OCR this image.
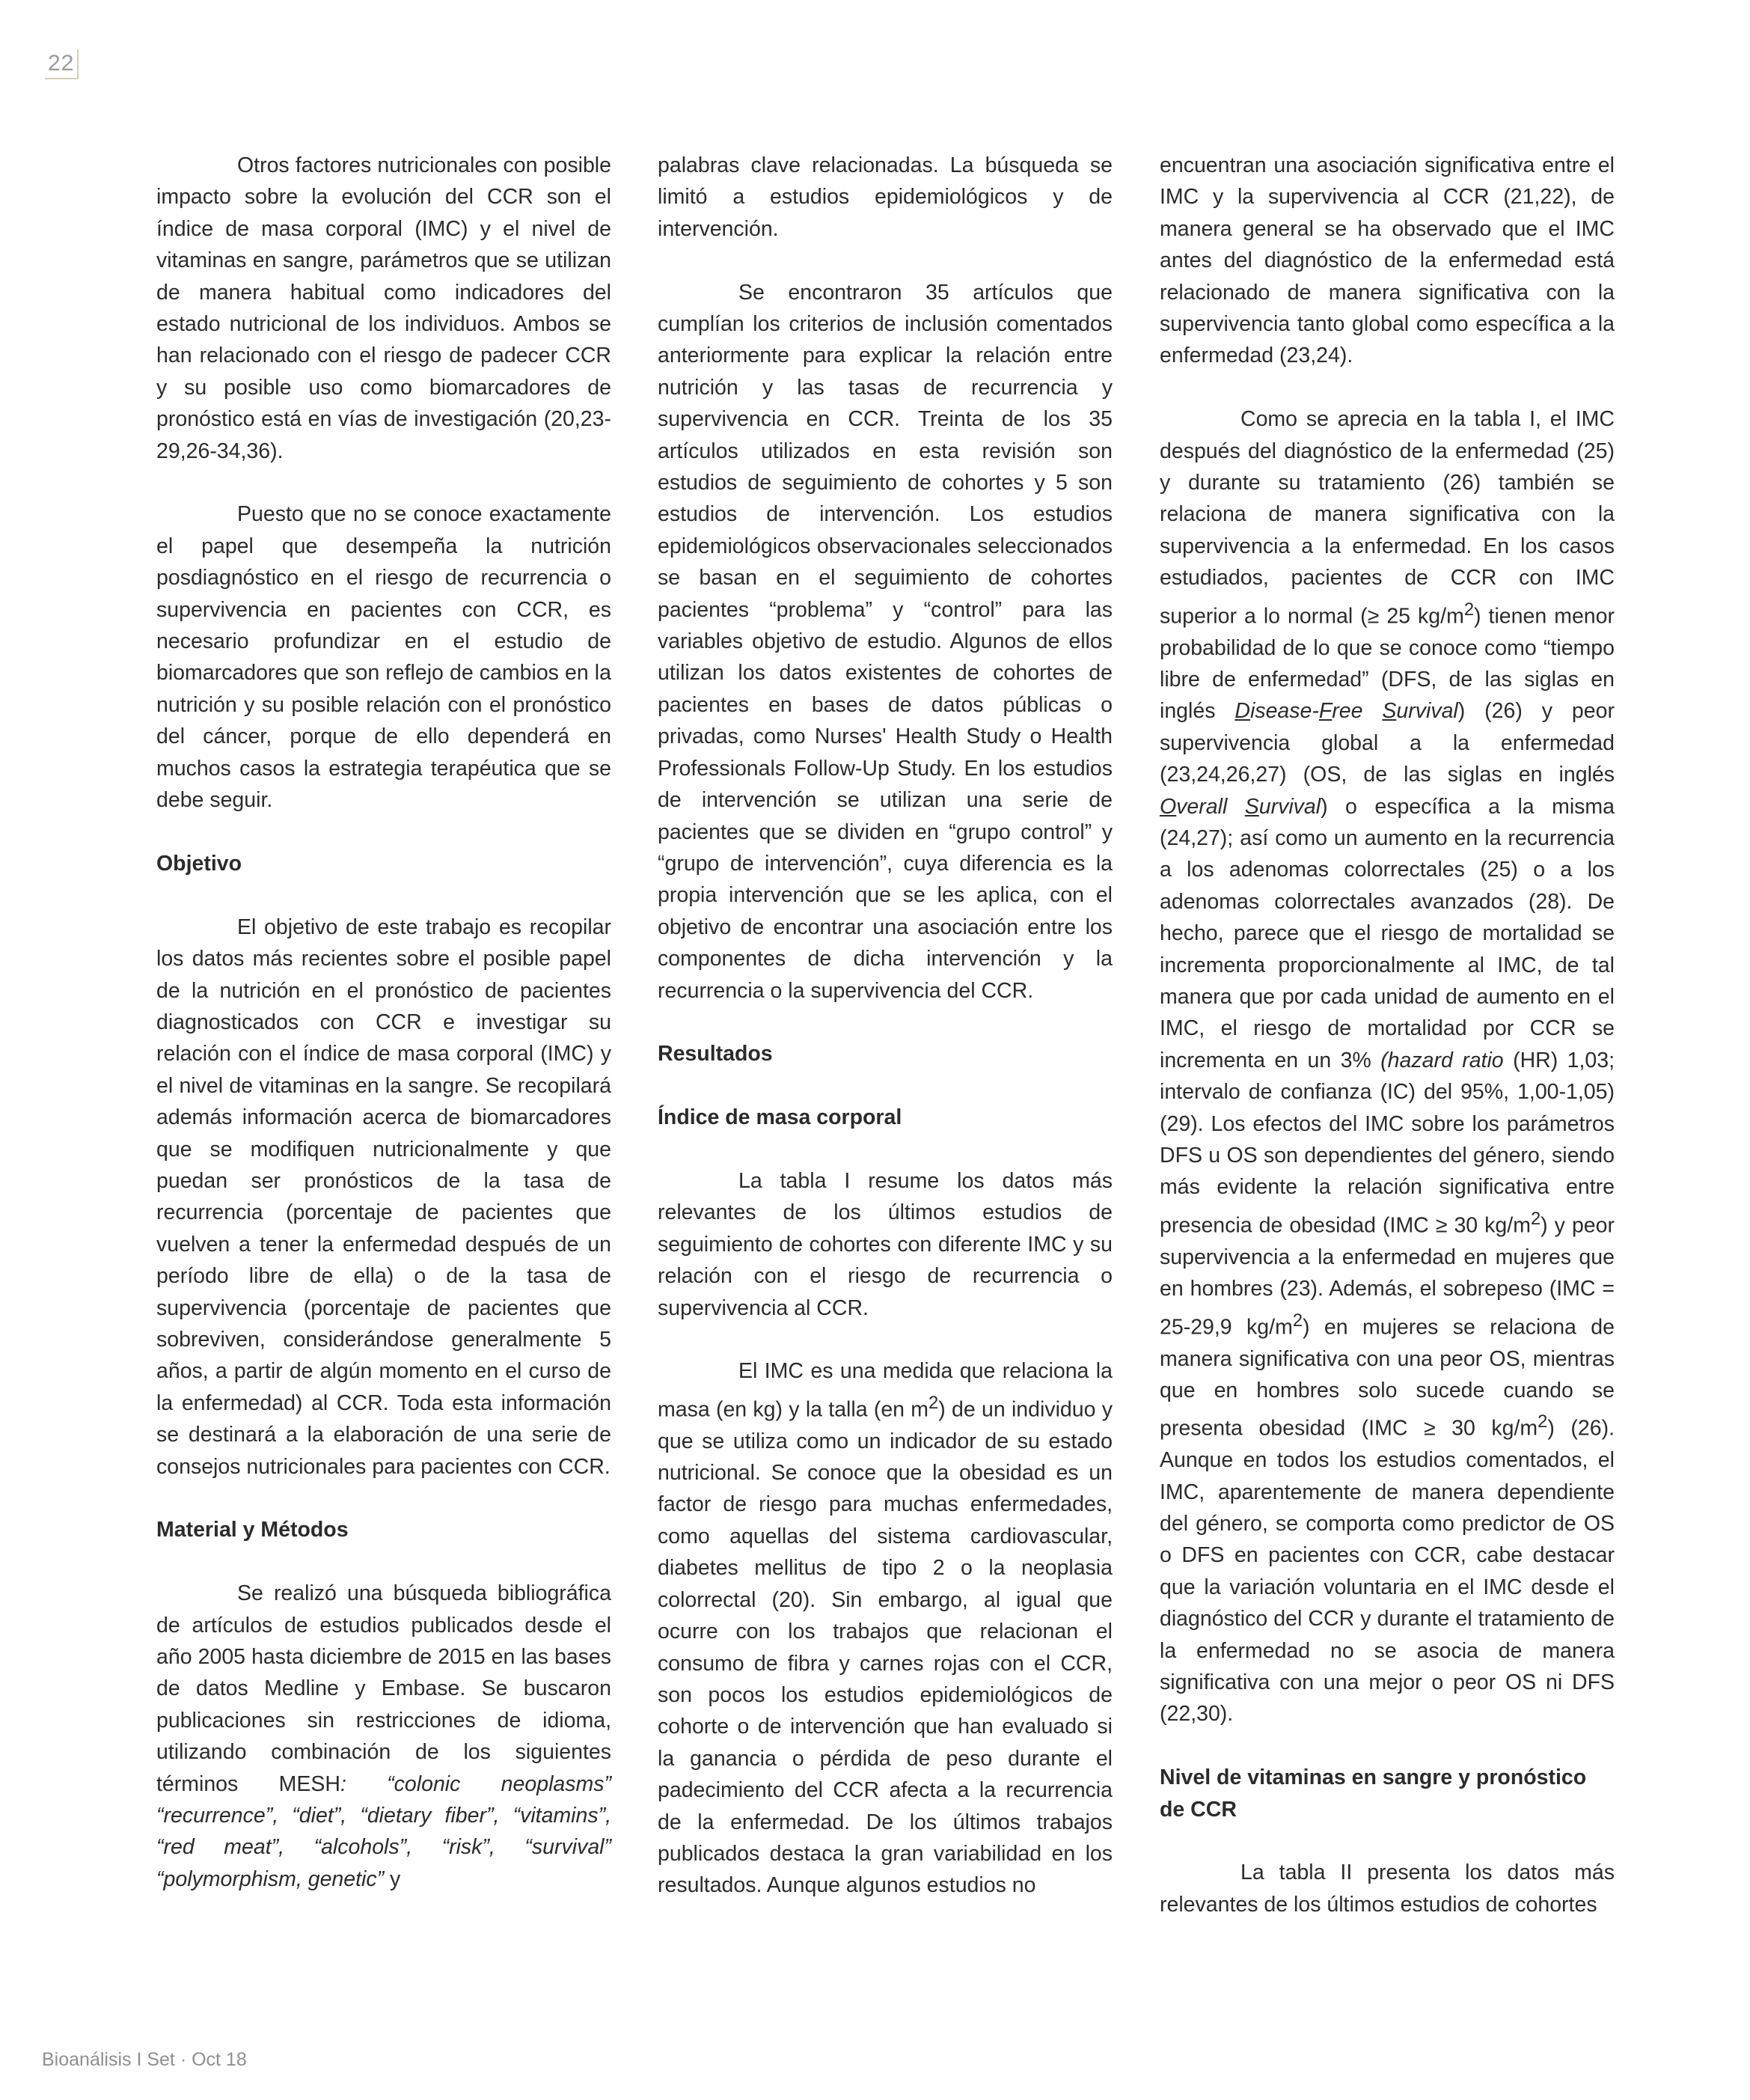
22

Otros factores nutricionales con posible impacto sobre la evolución del CCR son el índice de masa corporal (IMC) y el nivel de vitaminas en sangre, parámetros que se utilizan de manera habitual como indicadores del estado nutricional de los individuos. Ambos se han relacionado con el riesgo de padecer CCR y su posible uso como biomarcadores de pronóstico está en vías de investigación (20,23-29,26-34,36).

Puesto que no se conoce exactamente el papel que desempeña la nutrición posdiagnóstico en el riesgo de recurrencia o supervivencia en pacientes con CCR, es necesario profundizar en el estudio de biomarcadores que son reflejo de cambios en la nutrición y su posible relación con el pronóstico del cáncer, porque de ello dependerá en muchos casos la estrategia terapéutica que se debe seguir.

Objetivo

El objetivo de este trabajo es recopilar los datos más recientes sobre el posible papel de la nutrición en el pronóstico de pacientes diagnosticados con CCR e investigar su relación con el índice de masa corporal (IMC) y el nivel de vitaminas en la sangre. Se recopilará además información acerca de biomarcadores que se modifiquen nutricionalmente y que puedan ser pronósticos de la tasa de recurrencia (porcentaje de pacientes que vuelven a tener la enfermedad después de un período libre de ella) o de la tasa de supervivencia (porcentaje de pacientes que sobreviven, considerándose generalmente 5 años, a partir de algún momento en el curso de la enfermedad) al CCR. Toda esta información se destinará a la elaboración de una serie de consejos nutricionales para pacientes con CCR.

Material y Métodos

Se realizó una búsqueda bibliográfica de artículos de estudios publicados desde el año 2005 hasta diciembre de 2015 en las bases de datos Medline y Embase. Se buscaron publicaciones sin restricciones de idioma, utilizando combinación de los siguientes términos MESH: “colonic neoplasms” “recurrence”, “diet”, “dietary fiber”, “vitamins”, “red meat”, “alcohols”, “risk”, “survival” “polymorphism, genetic” y

palabras clave relacionadas. La búsqueda se limitó a estudios epidemiológicos y de intervención.

Se encontraron 35 artículos que cumplían los criterios de inclusión comentados anteriormente para explicar la relación entre nutrición y las tasas de recurrencia y supervivencia en CCR. Treinta de los 35 artículos utilizados en esta revisión son estudios de seguimiento de cohortes y 5 son estudios de intervención. Los estudios epidemiológicos observacionales seleccionados se basan en el seguimiento de cohortes pacientes “problema” y “control” para las variables objetivo de estudio. Algunos de ellos utilizan los datos existentes de cohortes de pacientes en bases de datos públicas o privadas, como Nurses' Health Study o Health Professionals Follow-Up Study. En los estudios de intervención se utilizan una serie de pacientes que se dividen en “grupo control” y “grupo de intervención”, cuya diferencia es la propia intervención que se les aplica, con el objetivo de encontrar una asociación entre los componentes de dicha intervención y la recurrencia o la supervivencia del CCR.

Resultados
Índice de masa corporal

La tabla I resume los datos más relevantes de los últimos estudios de seguimiento de cohortes con diferente IMC y su relación con el riesgo de recurrencia o supervivencia al CCR.

El IMC es una medida que relaciona la masa (en kg) y la talla (en $m^2$) de un individuo y que se utiliza como un indicador de su estado nutricional. Se conoce que la obesidad es un factor de riesgo para muchas enfermedades, como aquellas del sistema cardiovascular, diabetes mellitus de tipo 2 o la neoplasia colorrectal (20). Sin embargo, al igual que ocurre con los trabajos que relacionan el consumo de fibra y carnes rojas con el CCR, son pocos los estudios epidemiológicos de cohorte o de intervención que han evaluado si la ganancia o pérdida de peso durante el padecimiento del CCR afecta a la recurrencia de la enfermedad. De los últimos trabajos publicados destaca la gran variabilidad en los resultados. Aunque algunos estudios no

encuentran una asociación significativa entre el IMC y la supervivencia al CCR (21,22), de manera general se ha observado que el IMC antes del diagnóstico de la enfermedad está relacionado de manera significativa con la supervivencia tanto global como específica a la enfermedad (23,24).

Como se aprecia en la tabla I, el IMC después del diagnóstico de la enfermedad (25) y durante su tratamiento (26) también se relaciona de manera significativa con la supervivencia a la enfermedad. En los casos estudiados, pacientes de CCR con IMC superior a lo normal (≥ 25 $kg/m^2$) tienen menor probabilidad de lo que se conoce como “tiempo libre de enfermedad” (DFS, de las siglas en inglés Disease-Free Survival) (26) y peor supervivencia global a la enfermedad (23,24,26,27) (OS, de las siglas en inglés Overall Survival) o específica a la misma (24,27); así como un aumento en la recurrencia a los adenomas colorrectales (25) o a los adenomas colorrectales avanzados (28). De hecho, parece que el riesgo de mortalidad se incrementa proporcionalmente al IMC, de tal manera que por cada unidad de aumento en el IMC, el riesgo de mortalidad por CCR se incrementa en un 3% (hazard ratio (HR) 1,03; intervalo de confianza (IC) del 95%, 1,00-1,05) (29). Los efectos del IMC sobre los parámetros DFS u OS son dependientes del género, siendo más evidente la relación significativa entre presencia de obesidad (IMC ≥ 30 $kg/m^2$) y peor supervivencia a la enfermedad en mujeres que en hombres (23). Además, el sobrepeso (IMC = 25-29,9 $kg/m^2$) en mujeres se relaciona de manera significativa con una peor OS, mientras que en hombres solo sucede cuando se presenta obesidad (IMC ≥ 30 $kg/m^2$) (26). Aunque en todos los estudios comentados, el IMC, aparentemente de manera dependiente del género, se comporta como predictor de OS o DFS en pacientes con CCR, cabe destacar que la variación voluntaria en el IMC desde el diagnóstico del CCR y durante el tratamiento de la enfermedad no se asocia de manera significativa con una mejor o peor OS ni DFS (22,30).

Nivel de vitaminas en sangre y pronóstico de CCR

La tabla II presenta los datos más relevantes de los últimos estudios de cohortes

Bioanálisis I Set · Oct 18
